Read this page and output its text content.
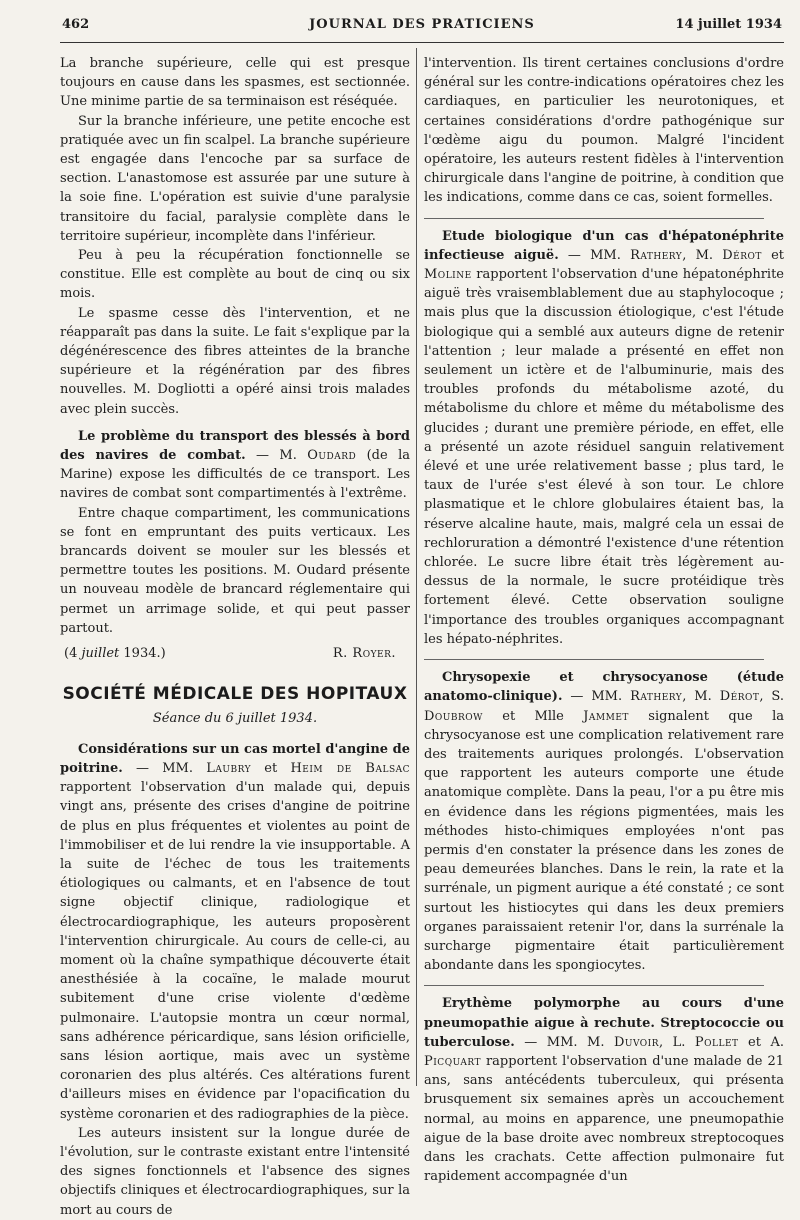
462	JOURNAL DES PRATICIENS	14 juillet 1934

La branche supérieure, celle qui est presque toujours en cause dans les spasmes, est sectionnée. Une minime partie de sa terminaison est réséquée.

Sur la branche inférieure, une petite encoche est pratiquée avec un fin scalpel. La branche supérieure est engagée dans l'encoche par sa surface de section. L'anastomose est assurée par une suture à la soie fine. L'opération est suivie d'une paralysie transitoire du facial, paralysie complète dans le territoire supérieur, incomplète dans l'inférieur.

Peu à peu la récupération fonctionnelle se constitue. Elle est complète au bout de cinq ou six mois.

Le spasme cesse dès l'intervention, et ne réapparaît pas dans la suite. Le fait s'explique par la dégénérescence des fibres atteintes de la branche supérieure et la régénération par des fibres nouvelles. M. Dogliotti a opéré ainsi trois malades avec plein succès.

Le problème du transport des blessés à bord des navires de combat. — M. Oudard (de la Marine) expose les difficultés de ce transport. Les navires de combat sont compartimentés à l'extrême.

Entre chaque compartiment, les communications se font en empruntant des puits verticaux. Les brancards doivent se mouler sur les blessés et permettre toutes les positions. M. Oudard présente un nouveau modèle de brancard réglementaire qui permet un arrimage solide, et qui peut passer partout.

(4 juillet 1934.)	R. Royer.
SOCIÉTÉ MÉDICALE DES HOPITAUX
Séance du 6 juillet 1934.

Considérations sur un cas mortel d'angine de poitrine. — MM. Laubry et Heim de Balsac rapportent l'observation d'un malade qui, depuis vingt ans, présente des crises d'angine de poitrine de plus en plus fréquentes et violentes au point de l'immobiliser et de lui rendre la vie insupportable. A la suite de l'échec de tous les traitements étiologiques ou calmants, et en l'absence de tout signe objectif clinique, radiologique et électrocardiographique, les auteurs proposèrent l'intervention chirurgicale. Au cours de celle-ci, au moment où la chaîne sympathique découverte était anesthésiée à la cocaïne, le malade mourut subitement d'une crise violente d'œdème pulmonaire. L'autopsie montra un cœur normal, sans adhérence péricardique, sans lésion orificielle, sans lésion aortique, mais avec un système coronarien des plus altérés. Ces altérations furent d'ailleurs mises en évidence par l'opacification du système coronarien et des radiographies de la pièce.

Les auteurs insistent sur la longue durée de l'évolution, sur le contraste existant entre l'intensité des signes fonctionnels et l'absence des signes objectifs cliniques et électrocardiographiques, sur la mort au cours de

l'intervention. Ils tirent certaines conclusions d'ordre général sur les contre-indications opératoires chez les cardiaques, en particulier les neurotoniques, et certaines considérations d'ordre pathogénique sur l'œdème aigu du poumon. Malgré l'incident opératoire, les auteurs restent fidèles à l'intervention chirurgicale dans l'angine de poitrine, à condition que les indications, comme dans ce cas, soient formelles.

Etude biologique d'un cas d'hépatonéphrite infectieuse aiguë. — MM. Rathery, M. Dérot et Moline rapportent l'observation d'une hépatonéphrite aiguë très vraisemblablement due au staphylocoque ; mais plus que la discussion étiologique, c'est l'étude biologique qui a semblé aux auteurs digne de retenir l'attention ; leur malade a présenté en effet non seulement un ictère et de l'albuminurie, mais des troubles profonds du métabolisme azoté, du métabolisme du chlore et même du métabolisme des glucides ; durant une première période, en effet, elle a présenté un azote résiduel sanguin relativement élevé et une urée relativement basse ; plus tard, le taux de l'urée s'est élevé à son tour. Le chlore plasmatique et le chlore globulaires étaient bas, la réserve alcaline haute, mais, malgré cela un essai de rechloruration a démontré l'existence d'une rétention chlorée. Le sucre libre était très légèrement au-dessus de la normale, le sucre protéidique très fortement élevé. Cette observation souligne l'importance des troubles organiques accompagnant les hépato-néphrites.

Chrysopexie et chrysocyanose (étude anatomo-clinique). — MM. Rathery, M. Dérot, S. Doubrow et Mlle Jammet signalent que la chrysocyanose est une complication relativement rare des traitements auriques prolongés. L'observation que rapportent les auteurs comporte une étude anatomique complète. Dans la peau, l'or a pu être mis en évidence dans les régions pigmentées, mais les méthodes histo-chimiques employées n'ont pas permis d'en constater la présence dans les zones de peau demeurées blanches. Dans le rein, la rate et la surrénale, un pigment aurique a été constaté ; ce sont surtout les histiocytes qui dans les deux premiers organes paraissaient retenir l'or, dans la surrénale la surcharge pigmentaire était particulièrement abondante dans les spongiocytes.

Erythème polymorphe au cours d'une pneumopathie aigue à rechute. Streptococcie ou tuberculose. — MM. M. Duvoir, L. Pollet et A. Picquart rapportent l'observation d'une malade de 21 ans, sans antécédents tuberculeux, qui présenta brusquement six semaines après un accouchement normal, au moins en apparence, une pneumopathie aigue de la base droite avec nombreux streptocoques dans les crachats. Cette affection pulmonaire fut rapidement accompagnée d'un
